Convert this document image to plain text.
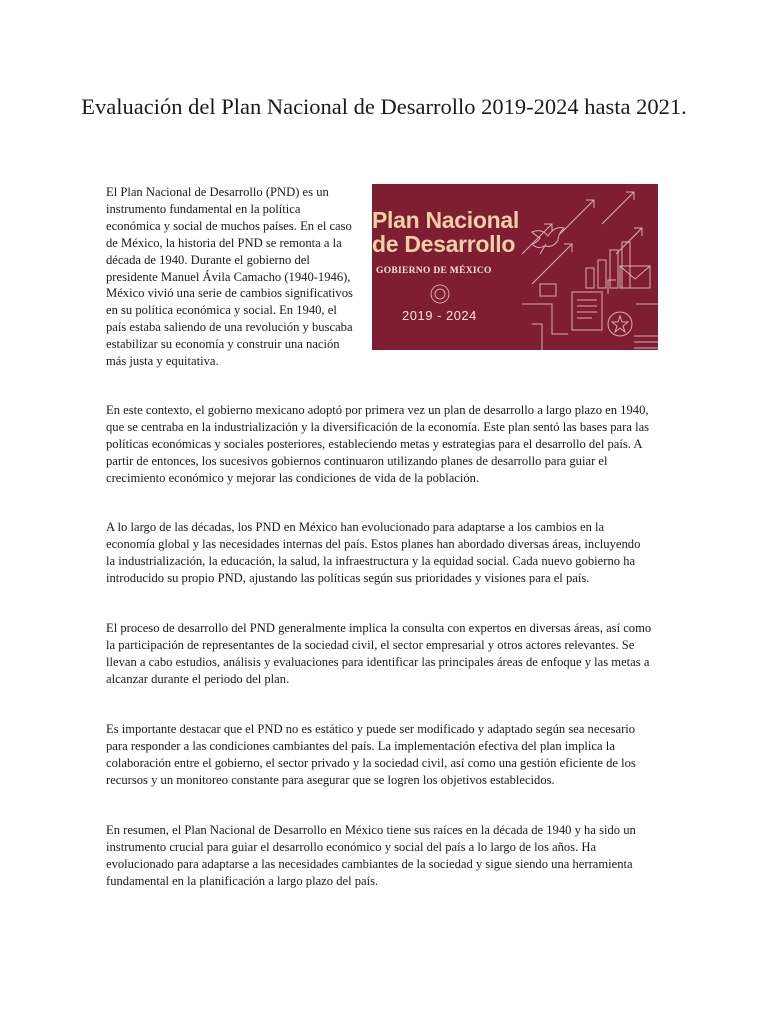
Evaluación del Plan Nacional de Desarrollo 2019-2024 hasta 2021.

El Plan Nacional de Desarrollo (PND) es un instrumento fundamental en la política económica y social de muchos países. En el caso de México, la historia del PND se remonta a la década de 1940. Durante el gobierno del presidente Manuel Ávila Camacho (1940-1946), México vivió una serie de cambios significativos en su política económica y social. En 1940, el país estaba saliendo de una revolución y buscaba estabilizar su economía y construir una nación más justa y equitativa.

Plan Nacional
de Desarrollo

GOBIERNO DE MÉXICO

2019 - 2024

En este contexto, el gobierno mexicano adoptó por primera vez un plan de desarrollo a largo plazo en 1940, que se centraba en la industrialización y la diversificación de la economía. Este plan sentó las bases para las políticas económicas y sociales posteriores, estableciendo metas y estrategias para el desarrollo del país. A partir de entonces, los sucesivos gobiernos continuaron utilizando planes de desarrollo para guiar el crecimiento económico y mejorar las condiciones de vida de la población.

A lo largo de las décadas, los PND en México han evolucionado para adaptarse a los cambios en la economía global y las necesidades internas del país. Estos planes han abordado diversas áreas, incluyendo la industrialización, la educación, la salud, la infraestructura y la equidad social. Cada nuevo gobierno ha introducido su propio PND, ajustando las políticas según sus prioridades y visiones para el país.

El proceso de desarrollo del PND generalmente implica la consulta con expertos en diversas áreas, así como la participación de representantes de la sociedad civil, el sector empresarial y otros actores relevantes. Se llevan a cabo estudios, análisis y evaluaciones para identificar las principales áreas de enfoque y las metas a alcanzar durante el periodo del plan.

Es importante destacar que el PND no es estático y puede ser modificado y adaptado según sea necesario para responder a las condiciones cambiantes del país. La implementación efectiva del plan implica la colaboración entre el gobierno, el sector privado y la sociedad civil, así como una gestión eficiente de los recursos y un monitoreo constante para asegurar que se logren los objetivos establecidos.

En resumen, el Plan Nacional de Desarrollo en México tiene sus raíces en la década de 1940 y ha sido un instrumento crucial para guiar el desarrollo económico y social del país a lo largo de los años. Ha evolucionado para adaptarse a las necesidades cambiantes de la sociedad y sigue siendo una herramienta fundamental en la planificación a largo plazo del país.
